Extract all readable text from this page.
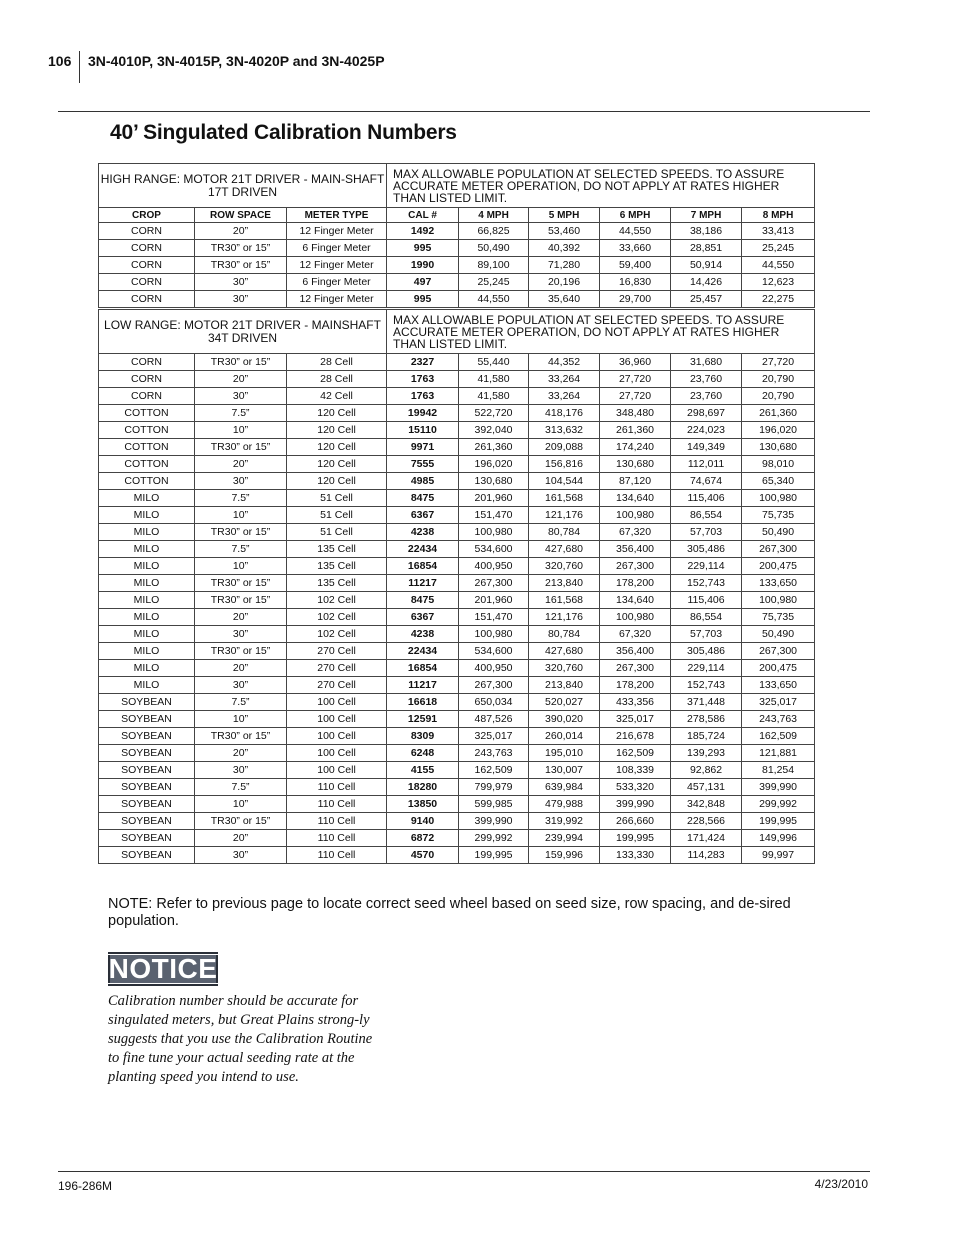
106 3N-4010P, 3N-4015P, 3N-4020P and 3N-4025P
40’ Singulated Calibration Numbers
HIGH RANGE: MOTOR 21T DRIVER - MAIN-SHAFT 17T DRIVEN			MAX ALLOWABLE POPULATION AT SELECTED SPEEDS. TO ASSURE ACCURATE METER OPERATION, DO NOT APPLY AT RATES HIGHER THAN LISTED LIMIT.					
CROP	ROW SPACE	METER TYPE	CAL #	4 MPH	5 MPH	6 MPH	7 MPH	8 MPH
CORN	20”	12 Finger Meter	1492	66,825	53,460	44,550	38,186	33,413
CORN	TR30” or 15”	6 Finger Meter	995	50,490	40,392	33,660	28,851	25,245
CORN	TR30” or 15”	12 Finger Meter	1990	89,100	71,280	59,400	50,914	44,550
CORN	30”	6 Finger Meter	497	25,245	20,196	16,830	14,426	12,623
CORN	30”	12 Finger Meter	995	44,550	35,640	29,700	25,457	22,275
LOW RANGE: MOTOR 21T DRIVER - MAINSHAFT 34T DRIVEN			MAX ALLOWABLE POPULATION AT SELECTED SPEEDS. TO ASSURE ACCURATE METER OPERATION, DO NOT APPLY AT RATES HIGHER THAN LISTED LIMIT.					
CORN	TR30” or 15”	28 Cell	2327	55,440	44,352	36,960	31,680	27,720
CORN	20”	28 Cell	1763	41,580	33,264	27,720	23,760	20,790
CORN	30”	42 Cell	1763	41,580	33,264	27,720	23,760	20,790
COTTON	7.5”	120 Cell	19942	522,720	418,176	348,480	298,697	261,360
COTTON	10”	120 Cell	15110	392,040	313,632	261,360	224,023	196,020
COTTON	TR30” or 15”	120 Cell	9971	261,360	209,088	174,240	149,349	130,680
COTTON	20”	120 Cell	7555	196,020	156,816	130,680	112,011	98,010
COTTON	30”	120 Cell	4985	130,680	104,544	87,120	74,674	65,340
MILO	7.5”	51 Cell	8475	201,960	161,568	134,640	115,406	100,980
MILO	10”	51 Cell	6367	151,470	121,176	100,980	86,554	75,735
MILO	TR30” or 15”	51 Cell	4238	100,980	80,784	67,320	57,703	50,490
MILO	7.5”	135 Cell	22434	534,600	427,680	356,400	305,486	267,300
MILO	10”	135 Cell	16854	400,950	320,760	267,300	229,114	200,475
MILO	TR30” or 15”	135 Cell	11217	267,300	213,840	178,200	152,743	133,650
MILO	TR30” or 15”	102 Cell	8475	201,960	161,568	134,640	115,406	100,980
MILO	20”	102 Cell	6367	151,470	121,176	100,980	86,554	75,735
MILO	30”	102 Cell	4238	100,980	80,784	67,320	57,703	50,490
MILO	TR30” or 15”	270 Cell	22434	534,600	427,680	356,400	305,486	267,300
MILO	20”	270 Cell	16854	400,950	320,760	267,300	229,114	200,475
MILO	30”	270 Cell	11217	267,300	213,840	178,200	152,743	133,650
SOYBEAN	7.5”	100 Cell	16618	650,034	520,027	433,356	371,448	325,017
SOYBEAN	10”	100 Cell	12591	487,526	390,020	325,017	278,586	243,763
SOYBEAN	TR30” or 15”	100 Cell	8309	325,017	260,014	216,678	185,724	162,509
SOYBEAN	20”	100 Cell	6248	243,763	195,010	162,509	139,293	121,881
SOYBEAN	30”	100 Cell	4155	162,509	130,007	108,339	92,862	81,254
SOYBEAN	7.5”	110 Cell	18280	799,979	639,984	533,320	457,131	399,990
SOYBEAN	10”	110 Cell	13850	599,985	479,988	399,990	342,848	299,992
SOYBEAN	TR30” or 15”	110 Cell	9140	399,990	319,992	266,660	228,566	199,995
SOYBEAN	20”	110 Cell	6872	299,992	239,994	199,995	171,424	149,996
SOYBEAN	30”	110 Cell	4570	199,995	159,996	133,330	114,283	99,997
NOTE: Refer to previous page to locate correct seed wheel based on seed size, row spacing, and de-sired population.
NOTICE
Calibration number should be accurate for singulated meters, but Great Plains strong-ly suggests that you use the Calibration Routine to fine tune your actual seeding rate at the planting speed you intend to use.
196-286M	4/23/2010
